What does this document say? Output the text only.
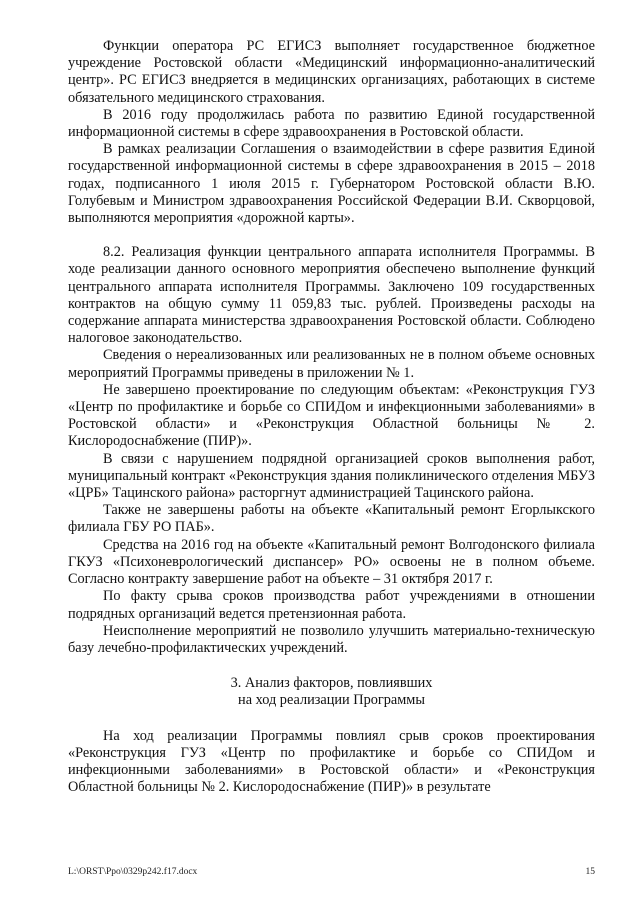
Функции оператора РС ЕГИСЗ выполняет государственное бюджетное учреждение Ростовской области «Медицинский информационно-аналитический центр». РС ЕГИСЗ внедряется в медицинских организациях, работающих в системе обязательного медицинского страхования.

В 2016 году продолжилась работа по развитию Единой государственной информационной системы в сфере здравоохранения в Ростовской области.

В рамках реализации Соглашения о взаимодействии в сфере развития Единой государственной информационной системы в сфере здравоохранения в 2015 – 2018 годах, подписанного 1 июля 2015 г. Губернатором Ростовской области В.Ю. Голубевым и Министром здравоохранения Российской Федерации В.И. Скворцовой, выполняются мероприятия «дорожной карты».

8.2. Реализация функции центрального аппарата исполнителя Программы. В ходе реализации данного основного мероприятия обеспечено выполнение функций центрального аппарата исполнителя Программы. Заключено 109 государственных контрактов на общую сумму 11 059,83 тыс. рублей. Произведены расходы на содержание аппарата министерства здравоохранения Ростовской области. Соблюдено налоговое законодательство.

Сведения о нереализованных или реализованных не в полном объеме основных мероприятий Программы приведены в приложении № 1.

Не завершено проектирование по следующим объектам: «Реконструкция ГУЗ «Центр по профилактике и борьбе со СПИДом и инфекционными заболеваниями» в Ростовской области» и «Реконструкция Областной больницы № 2. Кислородоснабжение (ПИР)».

В связи с нарушением подрядной организацией сроков выполнения работ, муниципальный контракт «Реконструкция здания поликлинического отделения МБУЗ «ЦРБ» Тацинского района» расторгнут администрацией Тацинского района.

Также не завершены работы на объекте «Капитальный ремонт Егорлыкского филиала ГБУ РО ПАБ».

Средства на 2016 год на объекте «Капитальный ремонт Волгодонского филиала ГКУЗ «Психоневрологический диспансер» РО» освоены не в полном объеме. Согласно контракту завершение работ на объекте – 31 октября 2017 г.

По факту срыва сроков производства работ учреждениями в отношении подрядных организаций ведется претензионная работа.

Неисполнение мероприятий не позволило улучшить материально-техническую базу лечебно-профилактических учреждений.

3. Анализ факторов, повлиявших

на ход реализации Программы

На ход реализации Программы повлиял срыв сроков проектирования «Реконструкция ГУЗ «Центр по профилактике и борьбе со СПИДом и инфекционными заболеваниями» в Ростовской области» и «Реконструкция Областной больницы № 2. Кислородоснабжение (ПИР)» в результате

L:\ORST\Ppo\0329p242.f17.docx	15
